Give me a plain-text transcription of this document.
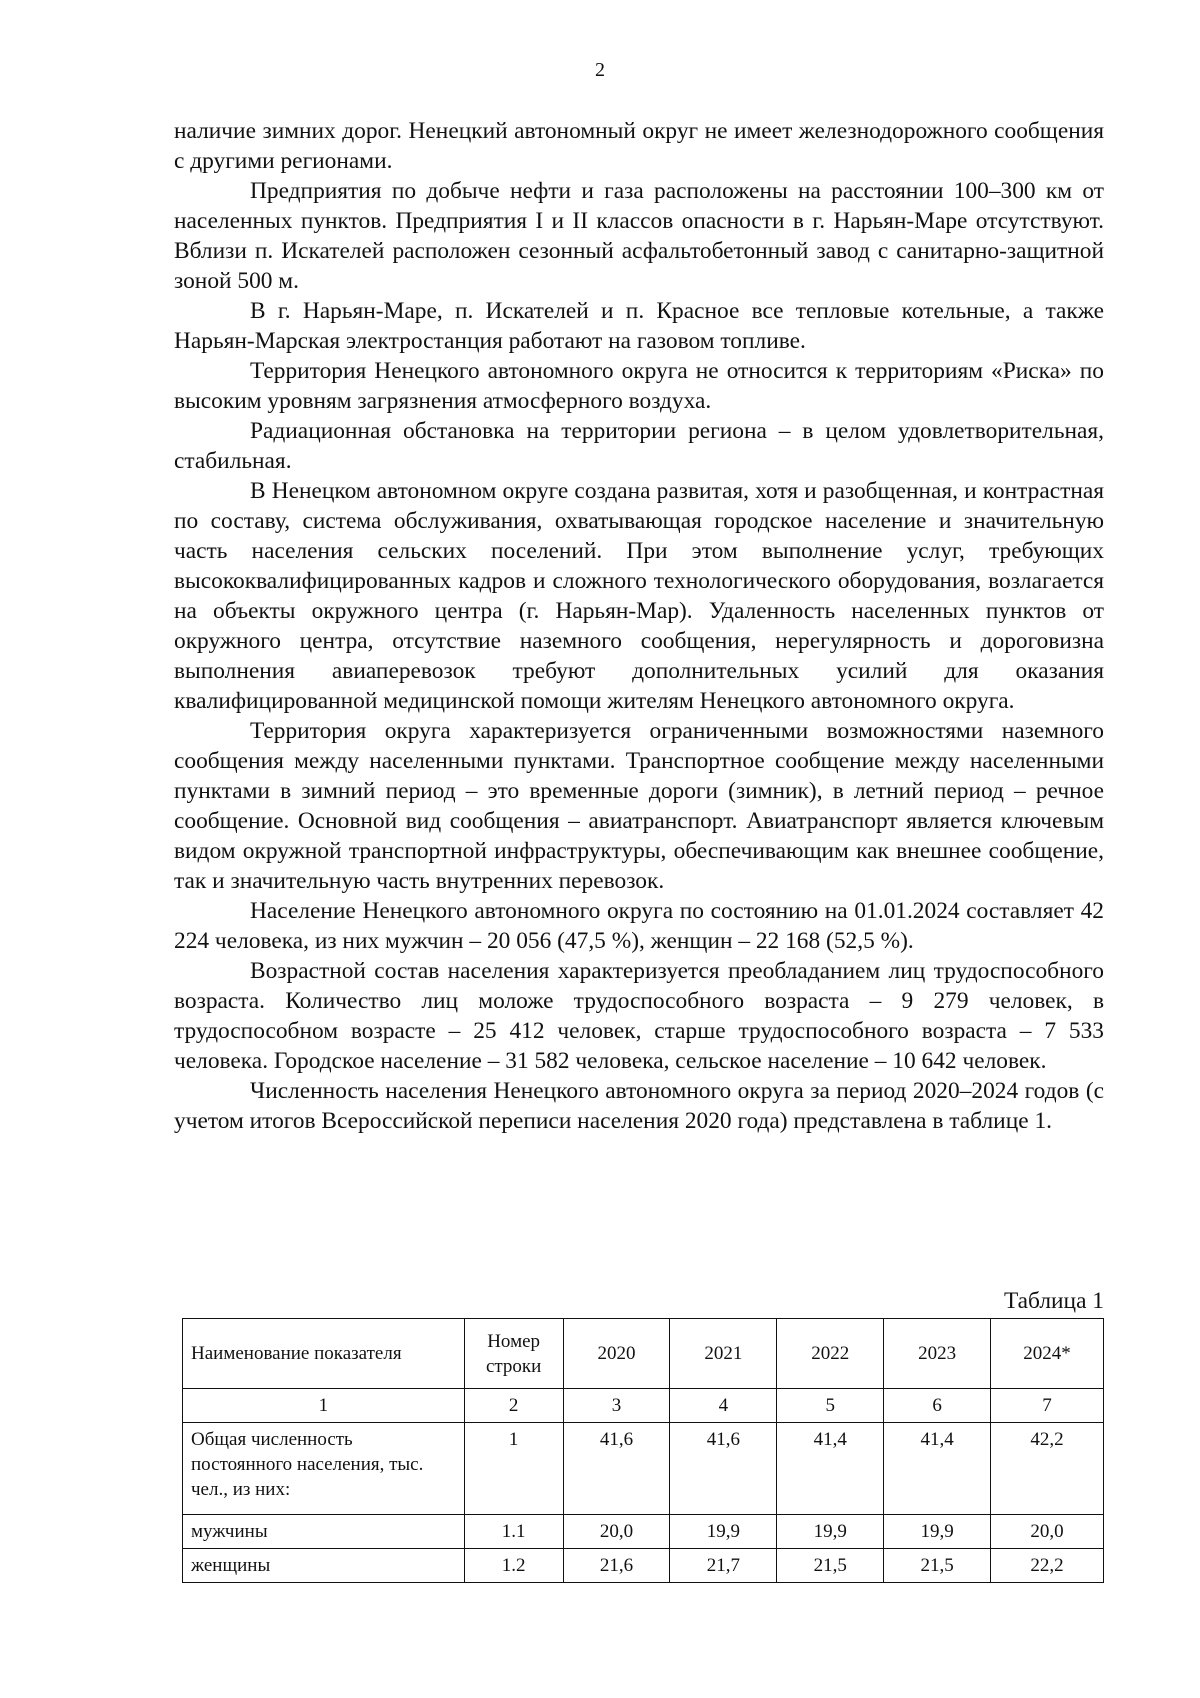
2

наличие зимних дорог. Ненецкий автономный округ не имеет железнодорожного сообщения с другими регионами.

Предприятия по добыче нефти и газа расположены на расстоянии 100–300 км от населенных пунктов. Предприятия I и II классов опасности в г. Нарьян-Маре отсутствуют. Вблизи п. Искателей расположен сезонный асфальтобетонный завод с санитарно-защитной зоной 500 м.

В г. Нарьян-Маре, п. Искателей и п. Красное все тепловые котельные, а также Нарьян-Марская электростанция работают на газовом топливе.

Территория Ненецкого автономного округа не относится к территориям «Риска» по высоким уровням загрязнения атмосферного воздуха.

Радиационная обстановка на территории региона – в целом удовлетворительная, стабильная.

В Ненецком автономном округе создана развитая, хотя и разобщенная, и контрастная по составу, система обслуживания, охватывающая городское население и значительную часть населения сельских поселений. При этом выполнение услуг, требующих высококвалифицированных кадров и сложного технологического оборудования, возлагается на объекты окружного центра (г. Нарьян-Мар). Удаленность населенных пунктов от окружного центра, отсутствие наземного сообщения, нерегулярность и дороговизна выполнения авиаперевозок требуют дополнительных усилий для оказания квалифицированной медицинской помощи жителям Ненецкого автономного округа.

Территория округа характеризуется ограниченными возможностями наземного сообщения между населенными пунктами. Транспортное сообщение между населенными пунктами в зимний период – это временные дороги (зимник), в летний период – речное сообщение. Основной вид сообщения – авиатранспорт. Авиатранспорт является ключевым видом окружной транспортной инфраструктуры, обеспечивающим как внешнее сообщение, так и значительную часть внутренних перевозок.

Население Ненецкого автономного округа по состоянию на 01.01.2024 составляет 42 224 человека, из них мужчин – 20 056 (47,5 %), женщин – 22 168 (52,5 %).

Возрастной состав населения характеризуется преобладанием лиц трудоспособного возраста. Количество лиц моложе трудоспособного возраста – 9 279 человек, в трудоспособном возрасте – 25 412 человек, старше трудоспособного возраста – 7 533 человека. Городское население – 31 582 человека, сельское население – 10 642 человек.

Численность населения Ненецкого автономного округа за период 2020–2024 годов (с учетом итогов Всероссийской переписи населения 2020 года) представлена в таблице 1.

Таблица 1
Наименование показателя	Номер строки	2020	2021	2022	2023	2024*
1	2	3	4	5	6	7
Общая численность постоянного населения, тыс. чел., из них:	1	41,6	41,6	41,4	41,4	42,2
мужчины	1.1	20,0	19,9	19,9	19,9	20,0
женщины	1.2	21,6	21,7	21,5	21,5	22,2
